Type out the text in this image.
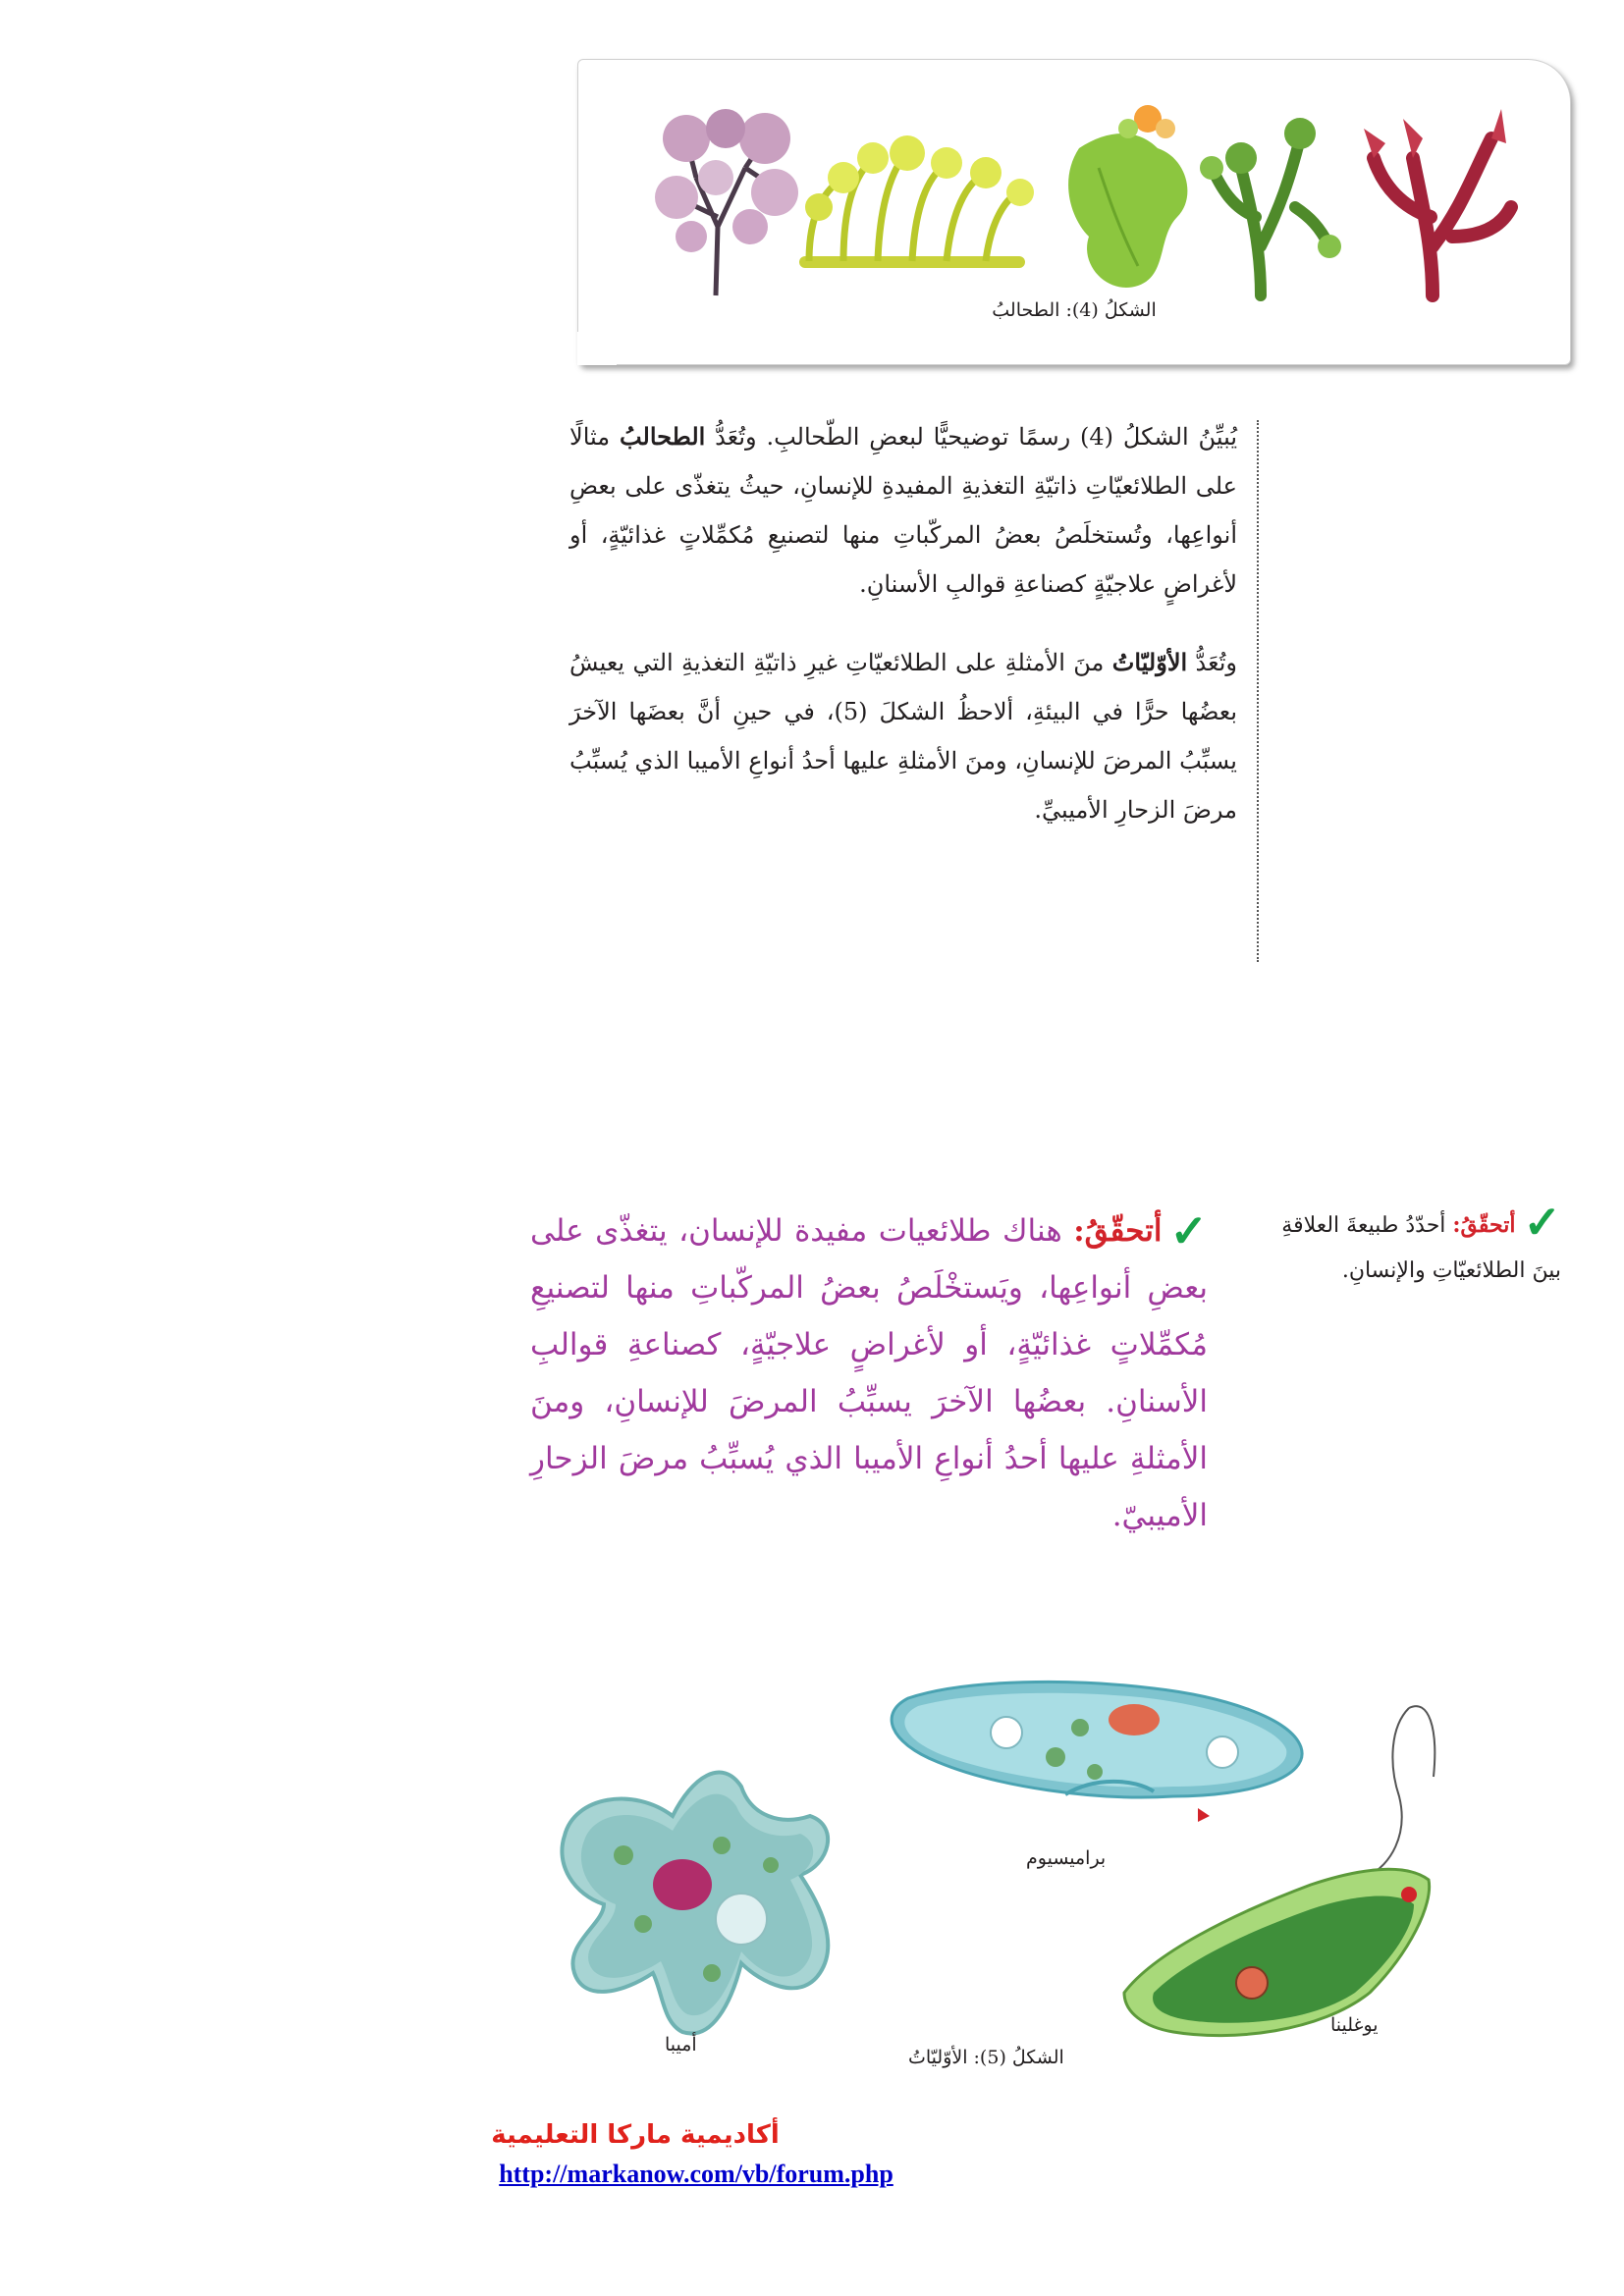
الشكلُ (4): الطحالبُ

يُبيِّنُ الشكلُ (4) رسمًا توضيحيًّا لبعضِ الطّحالبِ. وتُعَدُّ الطحالبُ مثالًا على الطلائعيّاتِ ذاتيّةِ التغذيةِ المفيدةِ للإنسانِ، حيثُ يتغذّى على بعضِ أنواعِها، وتُستخلَصُ بعضُ المركّباتِ منها لتصنيعِ مُكمِّلاتٍ غذائيّةٍ، أو لأغراضٍ علاجيّةٍ كصناعةِ قوالبِ الأسنانِ.

وتُعَدُّ الأوّليّاتُ منَ الأمثلةِ على الطلائعيّاتِ غيرِ ذاتيّةِ التغذيةِ التي يعيشُ بعضُها حرًّا في البيئةِ، ألاحظُ الشكلَ (5)، في حينِ أنَّ بعضَها الآخرَ يسبِّبُ المرضَ للإنسانِ، ومنَ الأمثلةِ عليها أحدُ أنواعِ الأميبا الذي يُسبِّبُ مرضَ الزحارِ الأميبيِّ.

✓أتحقّقُ: أحدّدُ طبيعةَ العلاقةِ بينَ الطلائعيّاتِ والإنسانِ.
✓أتحقّقُ: هناك طلائعيات مفيدة للإنسان، يتغذّى على بعضِ أنواعِها، ويَستخْلَصُ بعضُ المركّباتِ منها لتصنيعِ مُكمِّلاتٍ غذائيّةٍ، أو لأغراضٍ علاجيّةٍ، كصناعةِ قوالبِ الأسنانِ. بعضُها الآخرَ يسبِّبُ المرضَ للإنسانِ، ومنَ الأمثلةِ عليها أحدُ أنواعِ الأميبا الذي يُسبِّبُ مرضَ الزحارِ الأميبيّ.
براميسيوم
يوغلينا
أميبا
الشكلُ (5): الأوّليّاتُ
أكاديمية ماركا التعليمية
http://markanow.com/vb/forum.php
